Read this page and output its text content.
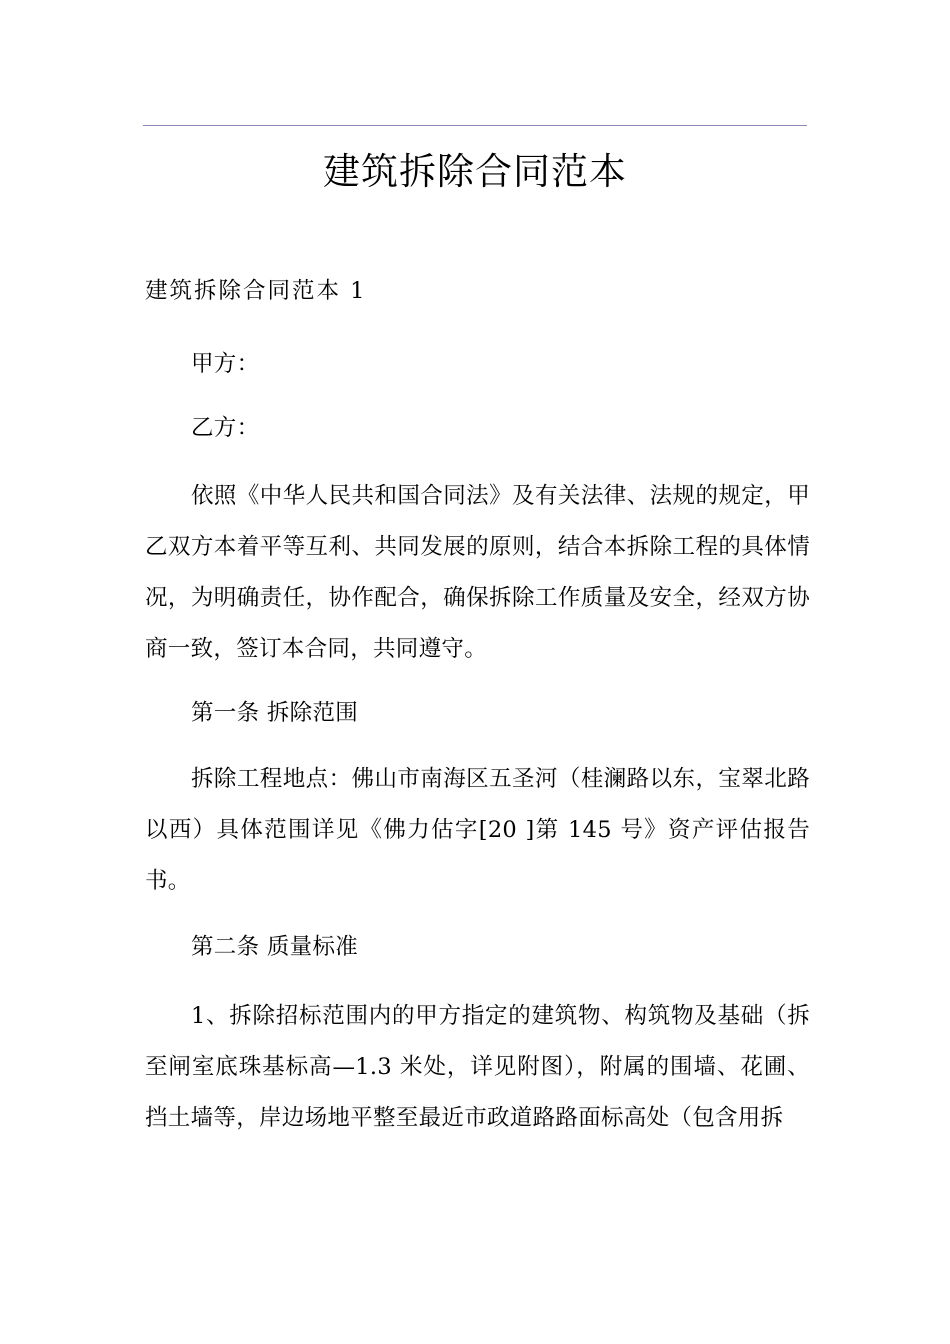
建筑拆除合同范本
建筑拆除合同范本 1

甲方：

乙方：

依照《中华人民共和国合同法》及有关法律、法规的规定，甲乙双方本着平等互利、共同发展的原则，结合本拆除工程的具体情况，为明确责任，协作配合，确保拆除工作质量及安全，经双方协商一致，签订本合同，共同遵守。

第一条 拆除范围

拆除工程地点：佛山市南海区五圣河（桂澜路以东，宝翠北路以西）具体范围详见《佛力估字[20 ]第 145 号》资产评估报告书。

第二条 质量标准

1、拆除招标范围内的甲方指定的建筑物、构筑物及基础（拆至闸室底珠基标高—1.3 米处，详见附图），附属的围墙、花圃、挡土墙等，岸边场地平整至最近市政道路路面标高处（包含用拆
